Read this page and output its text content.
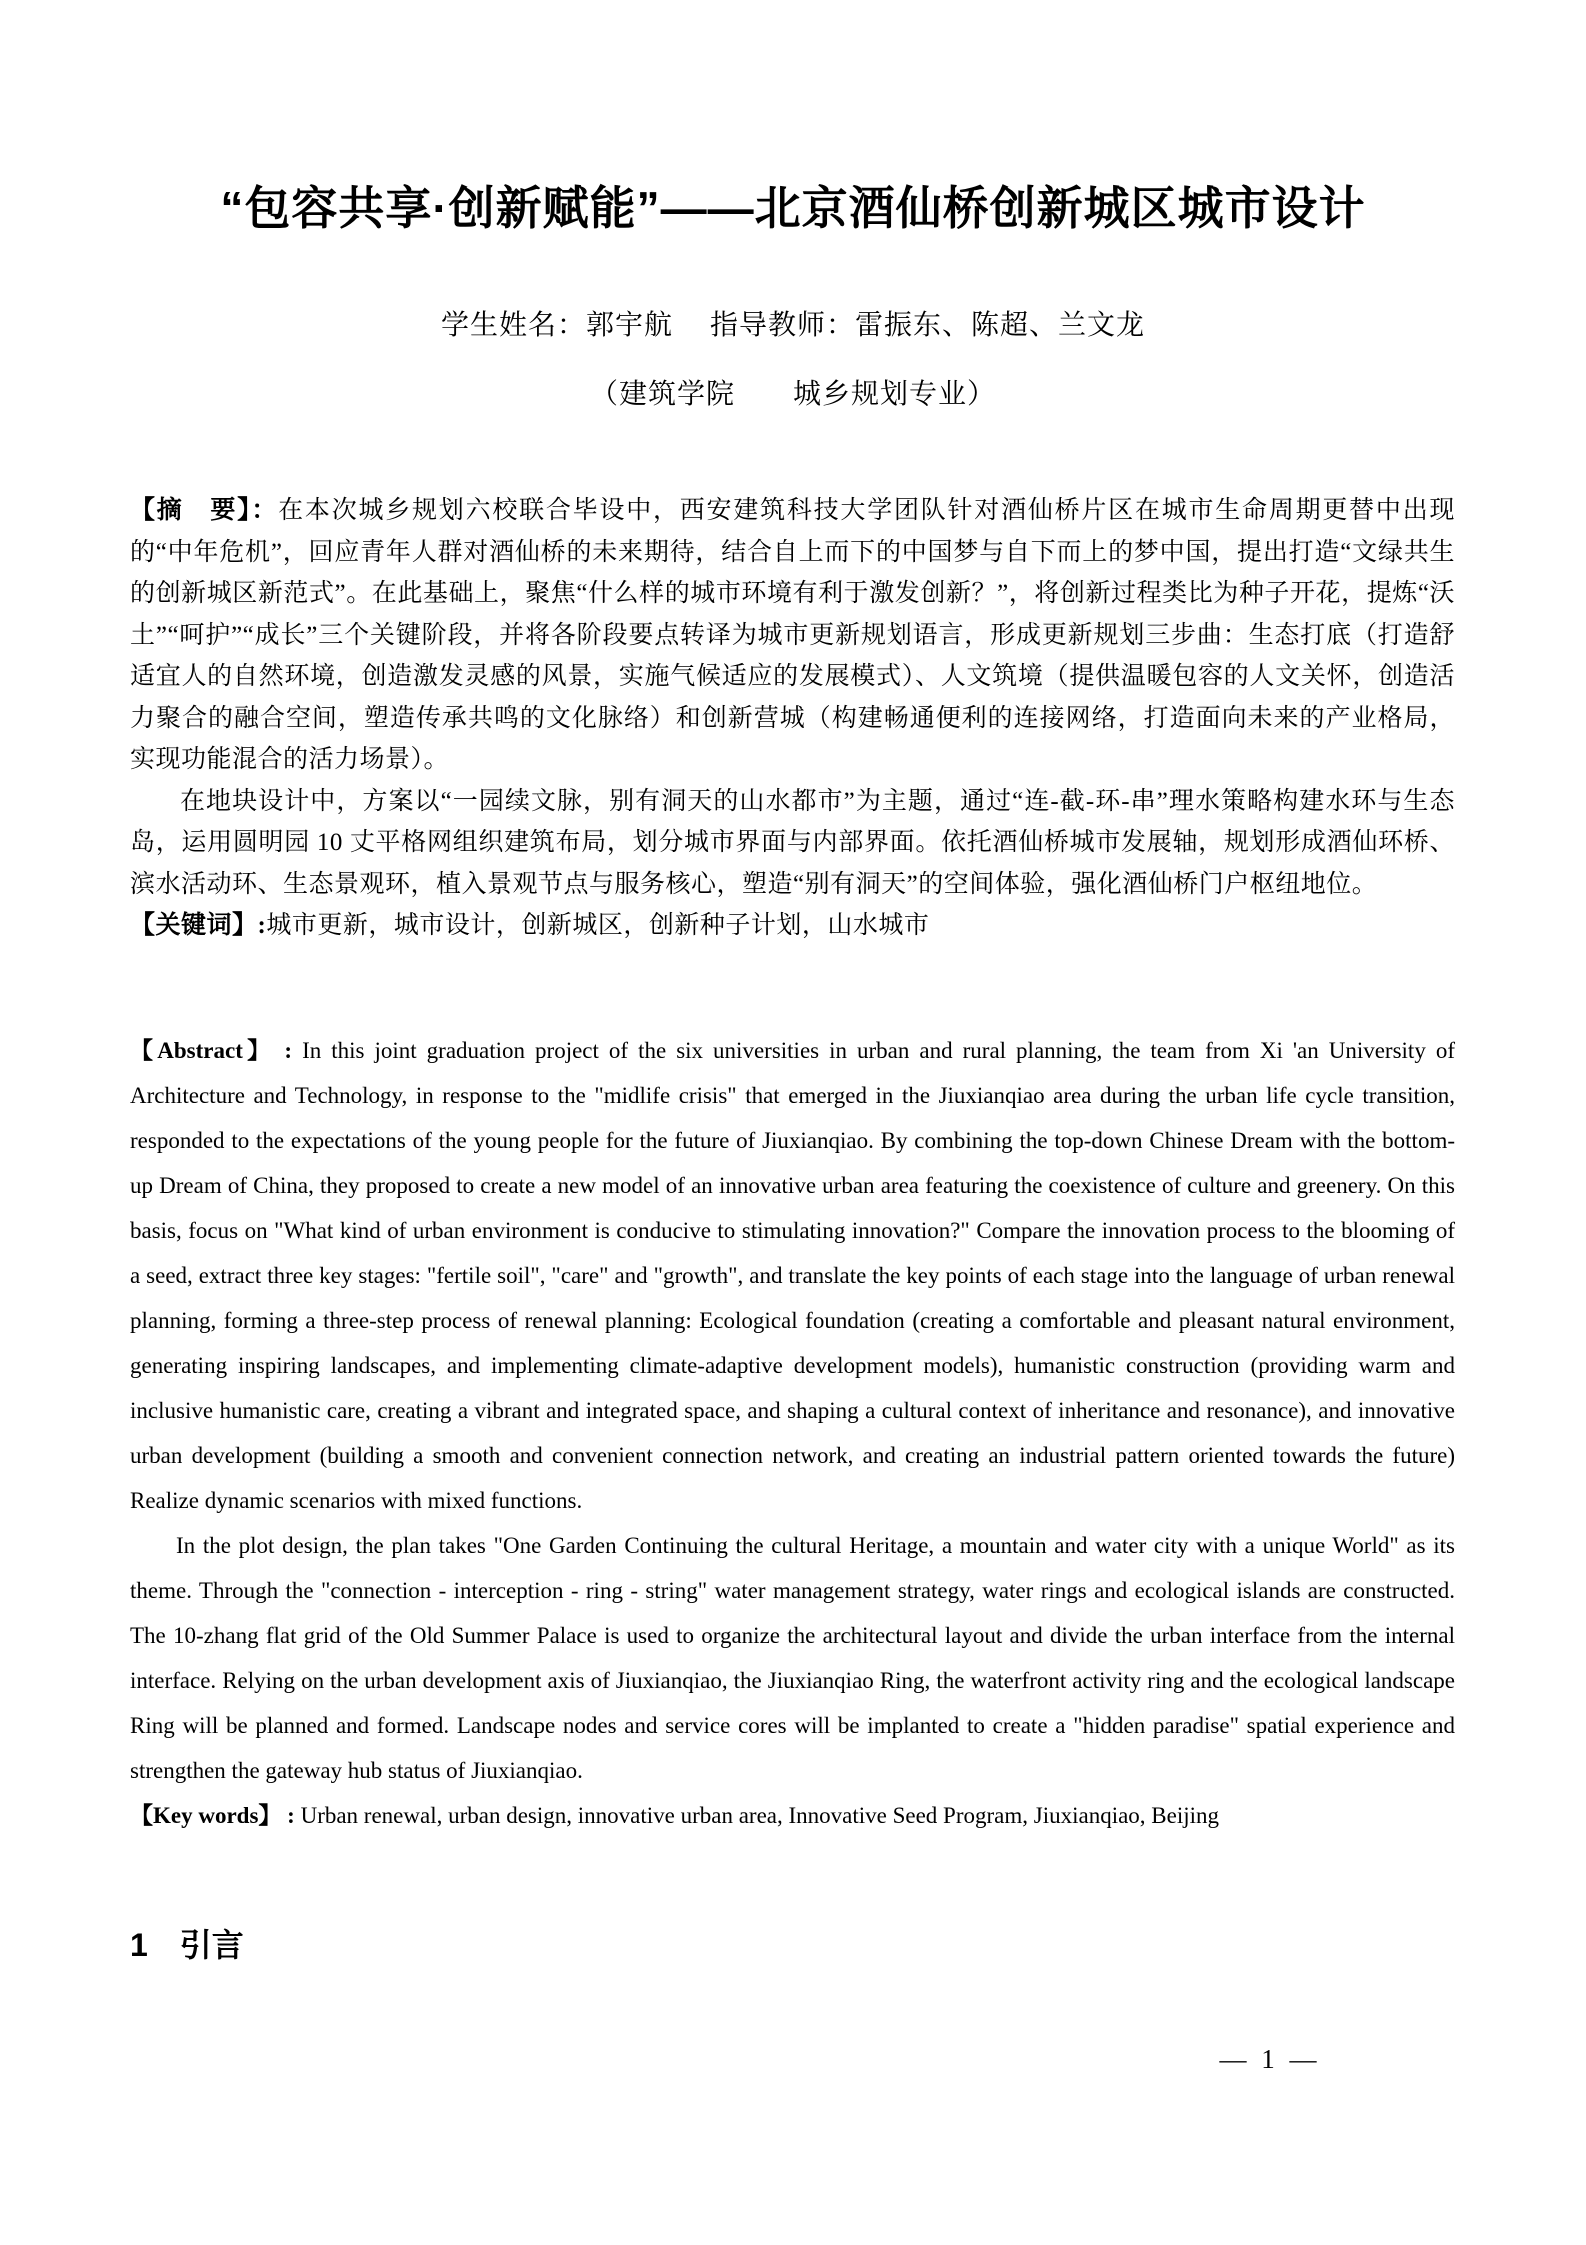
“包容共享·创新赋能”——北京酒仙桥创新城区城市设计
学生姓名：郭宇航　 指导教师：雷振东、陈超、兰文龙
（建筑学院　　城乡规划专业）

【摘　要】：在本次城乡规划六校联合毕设中，西安建筑科技大学团队针对酒仙桥片区在城市生命周期更替中出现的“中年危机”，回应青年人群对酒仙桥的未来期待，结合自上而下的中国梦与自下而上的梦中国，提出打造“文绿共生的创新城区新范式”。在此基础上，聚焦“什么样的城市环境有利于激发创新？”，将创新过程类比为种子开花，提炼“沃土”“呵护”“成长”三个关键阶段，并将各阶段要点转译为城市更新规划语言，形成更新规划三步曲：生态打底（打造舒适宜人的自然环境，创造激发灵感的风景，实施气候适应的发展模式）、人文筑境（提供温暖包容的人文关怀，创造活力聚合的融合空间，塑造传承共鸣的文化脉络）和创新营城（构建畅通便利的连接网络，打造面向未来的产业格局，实现功能混合的活力场景）。

在地块设计中，方案以“一园续文脉，别有洞天的山水都市”为主题，通过“连-截-环-串”理水策略构建水环与生态岛，运用圆明园 10 丈平格网组织建筑布局，划分城市界面与内部界面。依托酒仙桥城市发展轴，规划形成酒仙环桥、滨水活动环、生态景观环，植入景观节点与服务核心，塑造“别有洞天”的空间体验，强化酒仙桥门户枢纽地位。

【关键词】:城市更新，城市设计，创新城区，创新种子计划，山水城市

【Abstract】 : In this joint graduation project of the six universities in urban and rural planning, the team from Xi 'an University of Architecture and Technology, in response to the "midlife crisis" that emerged in the Jiuxianqiao area during the urban life cycle transition, responded to the expectations of the young people for the future of Jiuxianqiao. By combining the top-down Chinese Dream with the bottom-up Dream of China, they proposed to create a new model of an innovative urban area featuring the coexistence of culture and greenery. On this basis, focus on "What kind of urban environment is conducive to stimulating innovation?" Compare the innovation process to the blooming of a seed, extract three key stages: "fertile soil", "care" and "growth", and translate the key points of each stage into the language of urban renewal planning, forming a three-step process of renewal planning: Ecological foundation (creating a comfortable and pleasant natural environment, generating inspiring landscapes, and implementing climate-adaptive development models), humanistic construction (providing warm and inclusive humanistic care, creating a vibrant and integrated space, and shaping a cultural context of inheritance and resonance), and innovative urban development (building a smooth and convenient connection network, and creating an industrial pattern oriented towards the future) Realize dynamic scenarios with mixed functions.

In the plot design, the plan takes "One Garden Continuing the cultural Heritage, a mountain and water city with a unique World" as its theme. Through the "connection - interception - ring - string" water management strategy, water rings and ecological islands are constructed. The 10-zhang flat grid of the Old Summer Palace is used to organize the architectural layout and divide the urban interface from the internal interface. Relying on the urban development axis of Jiuxianqiao, the Jiuxianqiao Ring, the waterfront activity ring and the ecological landscape Ring will be planned and formed. Landscape nodes and service cores will be implanted to create a "hidden paradise" spatial experience and strengthen the gateway hub status of Jiuxianqiao.

【Key words】 : Urban renewal, urban design, innovative urban area, Innovative Seed Program, Jiuxianqiao, Beijing

1　引言
— 1 —
